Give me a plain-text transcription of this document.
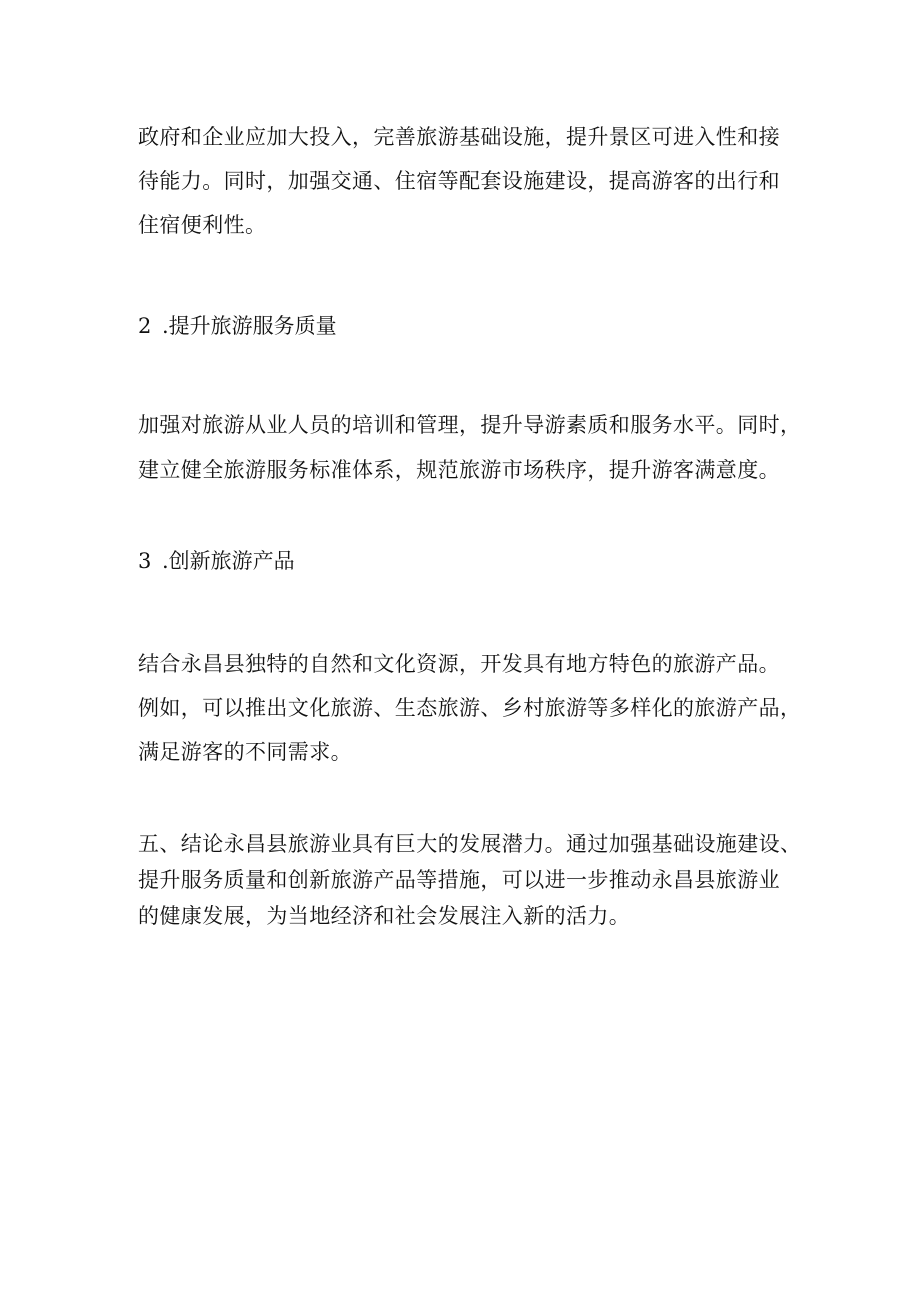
政府和企业应加大投入，完善旅游基础设施，提升景区可进入性和接
待能力。同时，加强交通、住宿等配套设施建设，提高游客的出行和
住宿便利性。

2 .提升旅游服务质量

加强对旅游从业人员的培训和管理，提升导游素质和服务水平。同时，
建立健全旅游服务标准体系，规范旅游市场秩序，提升游客满意度。

3 .创新旅游产品

结合永昌县独特的自然和文化资源，开发具有地方特色的旅游产品。
例如，可以推出文化旅游、生态旅游、乡村旅游等多样化的旅游产品，
满足游客的不同需求。

五、结论永昌县旅游业具有巨大的发展潜力。通过加强基础设施建设、
提升服务质量和创新旅游产品等措施，可以进一步推动永昌县旅游业
的健康发展，为当地经济和社会发展注入新的活力。
